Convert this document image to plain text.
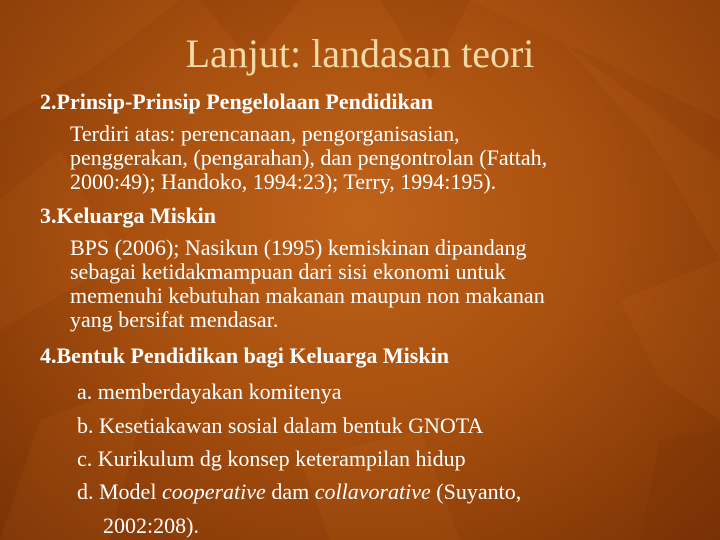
Lanjut: landasan teori
2.Prinsip-Prinsip Pengelolaan Pendidikan
Terdiri atas: perencanaan, pengorganisasian,
penggerakan, (pengarahan), dan pengontrolan (Fattah,
2000:49); Handoko, 1994:23); Terry, 1994:195).
3.Keluarga Miskin
BPS (2006); Nasikun (1995) kemiskinan dipandang
sebagai ketidakmampuan dari sisi ekonomi untuk
memenuhi kebutuhan makanan maupun non makanan
yang bersifat mendasar.
4.Bentuk Pendidikan bagi Keluarga Miskin
a. memberdayakan komitenya
b. Kesetiakawan sosial dalam bentuk GNOTA
c. Kurikulum dg konsep keterampilan hidup
d. Model cooperative dam collavorative (Suyanto,
2002:208).
